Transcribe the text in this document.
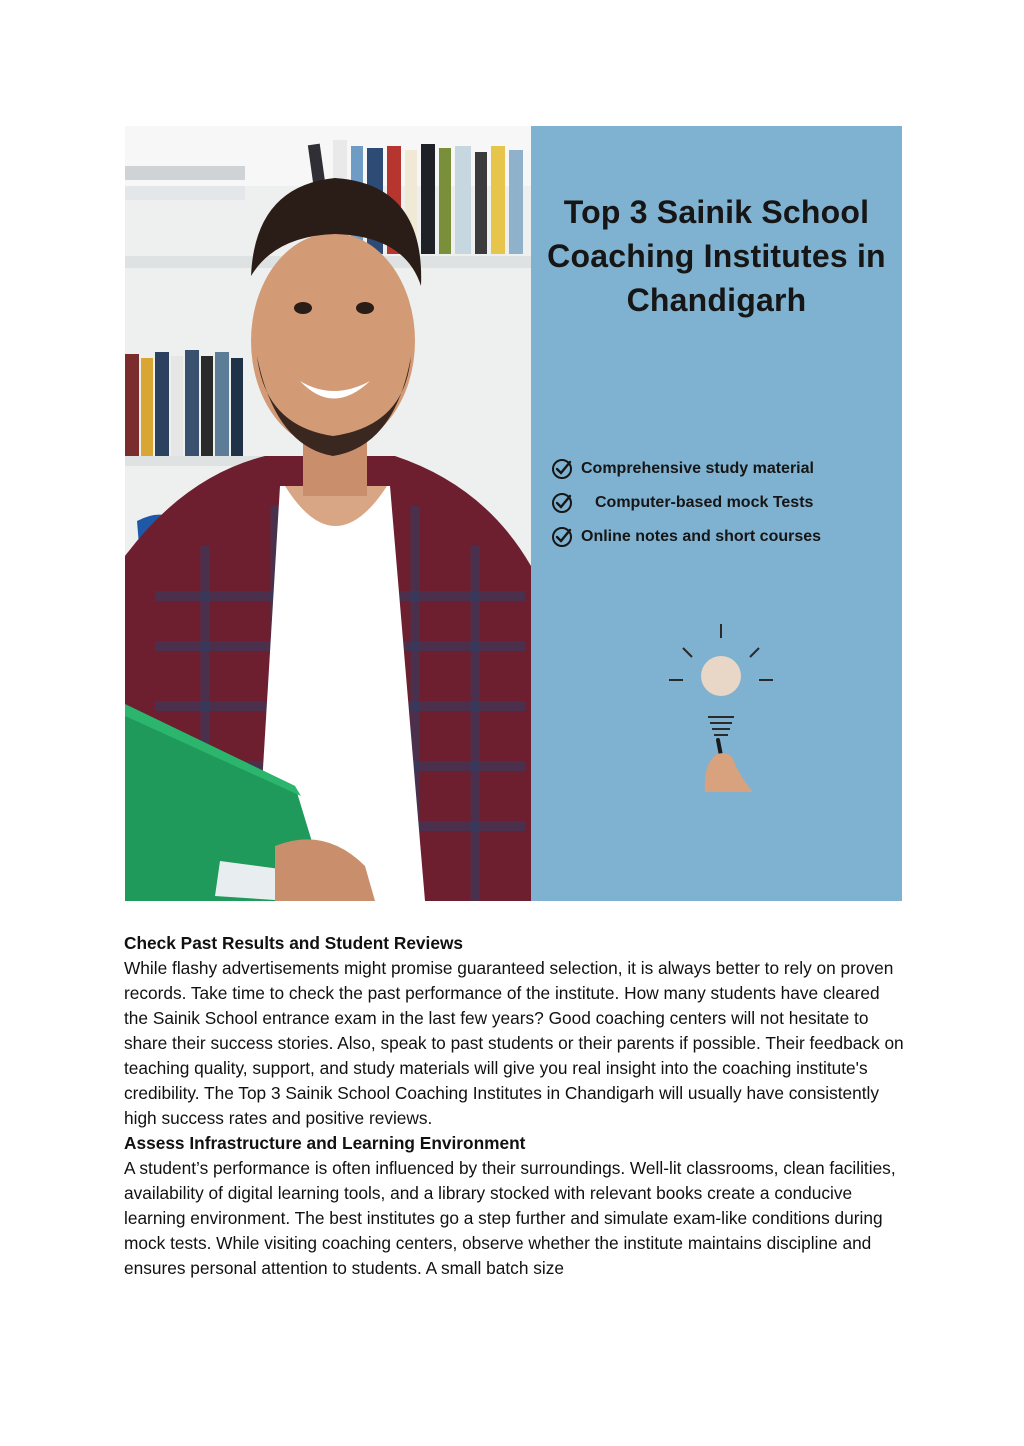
Top 3 Sainik School
Coaching Institutes in
Chandigarh
Comprehensive study material
Computer-based mock Tests
Online notes and short courses
Check Past Results and Student Reviews

While flashy advertisements might promise guaranteed selection, it is always better to rely on proven records. Take time to check the past performance of the institute. How many students have cleared the Sainik School entrance exam in the last few years? Good coaching centers will not hesitate to share their success stories. Also, speak to past students or their parents if possible. Their feedback on teaching quality, support, and study materials will give you real insight into the coaching institute's credibility. The Top 3 Sainik School Coaching Institutes in Chandigarh will usually have consistently high success rates and positive reviews.

Assess Infrastructure and Learning Environment

A student’s performance is often influenced by their surroundings. Well-lit classrooms, clean facilities, availability of digital learning tools, and a library stocked with relevant books create a conducive learning environment. The best institutes go a step further and simulate exam-like conditions during mock tests. While visiting coaching centers, observe whether the institute maintains discipline and ensures personal attention to students. A small batch size
